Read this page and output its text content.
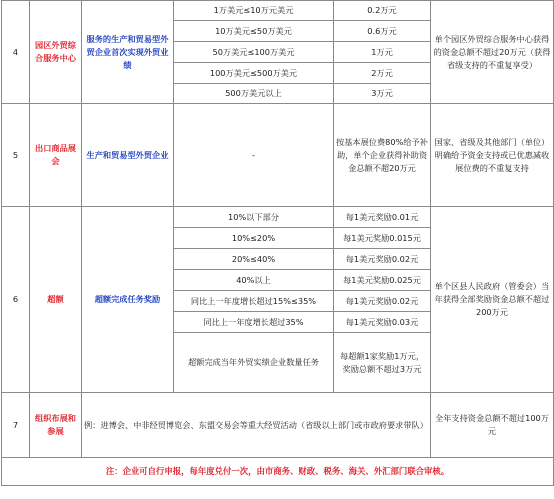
4	园区外贸综合服务中心	服务的生产和贸易型外贸企业首次实现外贸业绩	1万美元≤10万元美元	0.2万元	单个园区外贸综合服务中心获得的资金总额不超过20万元（获得省级支持的不重复享受）
			10万美元≤50万美元	0.6万元	
			50万美元≤100万美元	1万元	
			100万美元≤500万美元	2万元	
			500万美元以上	3万元	
5	出口商品展会	生产和贸易型外贸企业	-	按基本展位费80%给予补助，单个企业获得补助资金总额不超20万元	国家、省级及其他部门（单位）明确给予资金支持或已优惠减收展位费的不重复支持
6	超额	超额完成任务奖励	10%以下部分	每1美元奖励0.01元	单个区县人民政府（管委会）当年获得全部奖励资金总额不超过200万元
			10%≤20%	每1美元奖励0.015元	
			20%≤40%	每1美元奖励0.02元	
			40%以上	每1美元奖励0.025元	
			同比上一年度增长超过15%≤35%	每1美元奖励0.02元	
			同比上一年度增长超过35%	每1美元奖励0.03元	
			超额完成当年外贸实绩企业数量任务	每超额1家奖励1万元，奖励总额不超过3万元	
7	组织布展和参展	例：进博会、中非经贸博览会、东盟交易会等重大经贸活动（省级以上部门或市政府要求带队）			全年支持资金总额不超过100万元
注：企业可自行申报，每年度兑付一次，由市商务、财政、税务、海关、外汇部门联合审核。					
